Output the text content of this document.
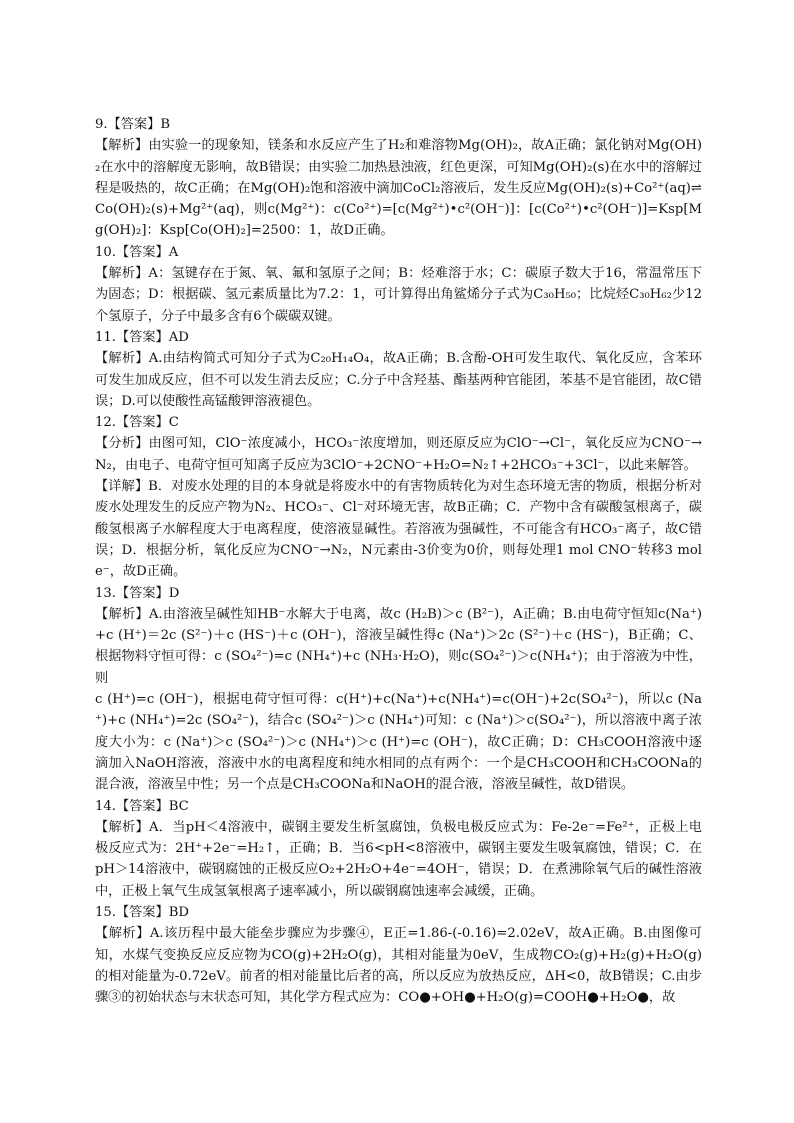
9.【答案】B

【解析】由实验一的现象知，镁条和水反应产生了H₂和难溶物Mg(OH)₂，故A正确；氯化钠对Mg(OH)₂在水中的溶解度无影响，故B错误；由实验二加热悬浊液，红色更深，可知Mg(OH)₂(s)在水中的溶解过程是吸热的，故C正确；在Mg(OH)₂饱和溶液中滴加CoCl₂溶液后，发生反应Mg(OH)₂(s)+Co²⁺(aq)⇌Co(OH)₂(s)+Mg²⁺(aq)，则c(Mg²⁺)：c(Co²⁺)=[c(Mg²⁺)•c²(OH⁻)]：[c(Co²⁺)•c²(OH⁻)]=Ksp[Mg(OH)₂]：Ksp[Co(OH)₂]=2500：1，故D正确。

10.【答案】A

【解析】A：氢键存在于氮、氧、氟和氢原子之间；B：烃难溶于水；C：碳原子数大于16，常温常压下为固态；D：根据碳、氢元素质量比为7.2：1，可计算得出角鲨烯分子式为C₃₀H₅₀；比烷烃C₃₀H₆₂少12个氢原子，分子中最多含有6个碳碳双键。

11.【答案】AD

【解析】A.由结构简式可知分子式为C₂₀H₁₄O₄，故A正确；B.含酚-OH可发生取代、氧化反应，含苯环可发生加成反应，但不可以发生消去反应；C.分子中含羟基、酯基两种官能团，苯基不是官能团，故C错误；D.可以使酸性高锰酸钾溶液褪色。

12.【答案】C

【分析】由图可知，ClO⁻浓度减小，HCO₃⁻浓度增加，则还原反应为ClO⁻→Cl⁻，氧化反应为CNO⁻→N₂，由电子、电荷守恒可知离子反应为3ClO⁻+2CNO⁻+H₂O=N₂↑+2HCO₃⁻+3Cl⁻，以此来解答。

【详解】B．对废水处理的目的本身就是将废水中的有害物质转化为对生态环境无害的物质，根据分析对废水处理发生的反应产物为N₂、HCO₃⁻、Cl⁻对环境无害，故B正确；C．产物中含有碳酸氢根离子，碳酸氢根离子水解程度大于电离程度，使溶液显碱性。若溶液为强碱性，不可能含有HCO₃⁻离子，故C错误；D．根据分析，氧化反应为CNO⁻→N₂，N元素由-3价变为0价，则每处理1 mol CNO⁻转移3 mol e⁻，故D正确。

13.【答案】D

【解析】A.由溶液呈碱性知HB⁻水解大于电离，故c (H₂B)＞c (B²⁻)，A正确；B.由电荷守恒知c(Na⁺)+c (H⁺)＝2c (S²⁻)＋c (HS⁻)＋c (OH⁻)，溶液呈碱性得c (Na⁺)＞2c (S²⁻)＋c (HS⁻)，B正确；C、根据物料守恒可得：c (SO₄²⁻)=c (NH₄⁺)+c (NH₃·H₂O)，则c(SO₄²⁻)＞c(NH₄⁺)；由于溶液为中性，则

c (H⁺)=c (OH⁻)，根据电荷守恒可得：c(H⁺)+c(Na⁺)+c(NH₄⁺)=c(OH⁻)+2c(SO₄²⁻)，所以c (Na⁺)+c (NH₄⁺)=2c (SO₄²⁻)，结合c (SO₄²⁻)＞c (NH₄⁺)可知：c (Na⁺)＞c(SO₄²⁻)，所以溶液中离子浓度大小为：c (Na⁺)＞c (SO₄²⁻)＞c (NH₄⁺)＞c (H⁺)=c (OH⁻)，故C正确；D：CH₃COOH溶液中逐滴加入NaOH溶液，溶液中水的电离程度和纯水相同的点有两个：一个是CH₃COOH和CH₃COONa的混合液，溶液呈中性；另一个点是CH₃COONa和NaOH的混合液，溶液呈碱性，故D错误。

14.【答案】BC

【解析】A．当pH＜4溶液中，碳钢主要发生析氢腐蚀，负极电极反应式为：Fe-2e⁻=Fe²⁺，正极上电极反应式为：2H⁺+2e⁻=H₂↑，正确；B．当6<pH<8溶液中，碳钢主要发生吸氧腐蚀，错误；C．在pH＞14溶液中，碳钢腐蚀的正极反应O₂+2H₂O+4e⁻=4OH⁻，错误；D．在煮沸除氧气后的碱性溶液中，正极上氧气生成氢氧根离子速率减小，所以碳钢腐蚀速率会减缓，正确。

15.【答案】BD

【解析】A.该历程中最大能垒步骤应为步骤④，E正=1.86-(-0.16)=2.02eV，故A正确。B.由图像可知，水煤气变换反应反应物为CO(g)+2H₂O(g)，其相对能量为0eV，生成物CO₂(g)+H₂(g)+H₂O(g)的相对能量为-0.72eV。前者的相对能量比后者的高，所以反应为放热反应，ΔH<0，故B错误；C.由步骤③的初始状态与末状态可知，其化学方程式应为：CO●+OH●+H₂O(g)=COOH●+H₂O●，故
